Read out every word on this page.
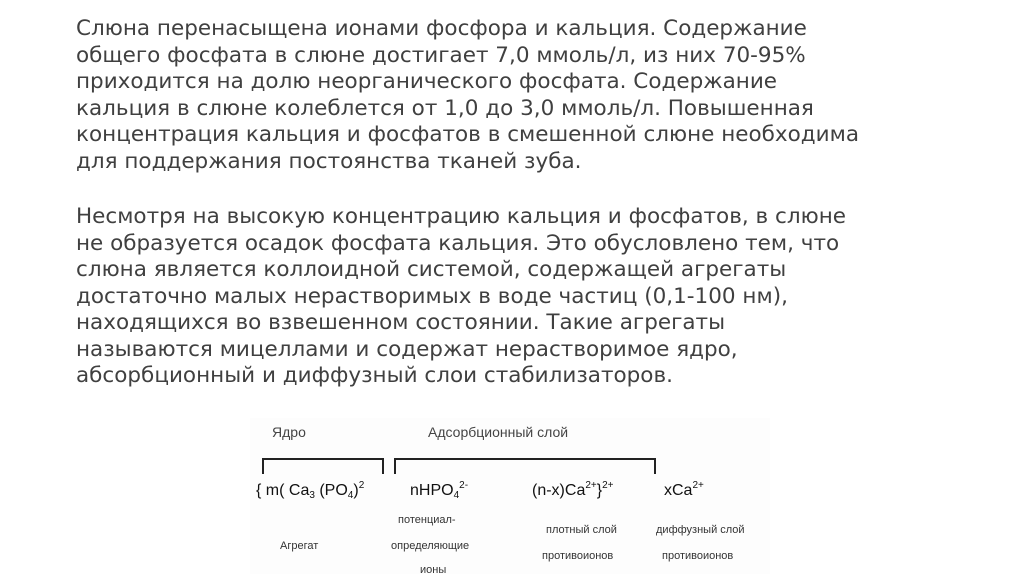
Слюна перенасыщена ионами фосфора и кальция. Содержание
общего фосфата в слюне достигает 7,0 ммоль/л, из них 70-95%
приходится на долю неорганического фосфата. Содержание
кальция в слюне колеблется от 1,0 до 3,0 ммоль/л. Повышенная
концентрация кальция и фосфатов в смешенной слюне необходима
для поддержания постоянства тканей зуба.
Несмотря на высокую концентрацию кальция и фосфатов, в слюне
не образуется осадок фосфата кальция. Это обусловлено тем, что
слюна является коллоидной системой, содержащей агрегаты
достаточно малых нерастворимых в воде частиц (0,1-100 нм),
находящихся во взвешенном состоянии. Такие агрегаты
называются мицеллами и содержат нерастворимое ядро,
абсорбционный и диффузный слои стабилизаторов.
Ядро	Адсорбционный слой
{ m( $Ca_3$ $(PO_4)^2$	nHPO$_4^{2-}$	$(n-x)Ca^{2+}\}^{2+}$	xCa$^{2+}$
Агрегат
потенциал-
определяющие
ионы
плотный слой
противоионов
диффузный слой
противоионов
